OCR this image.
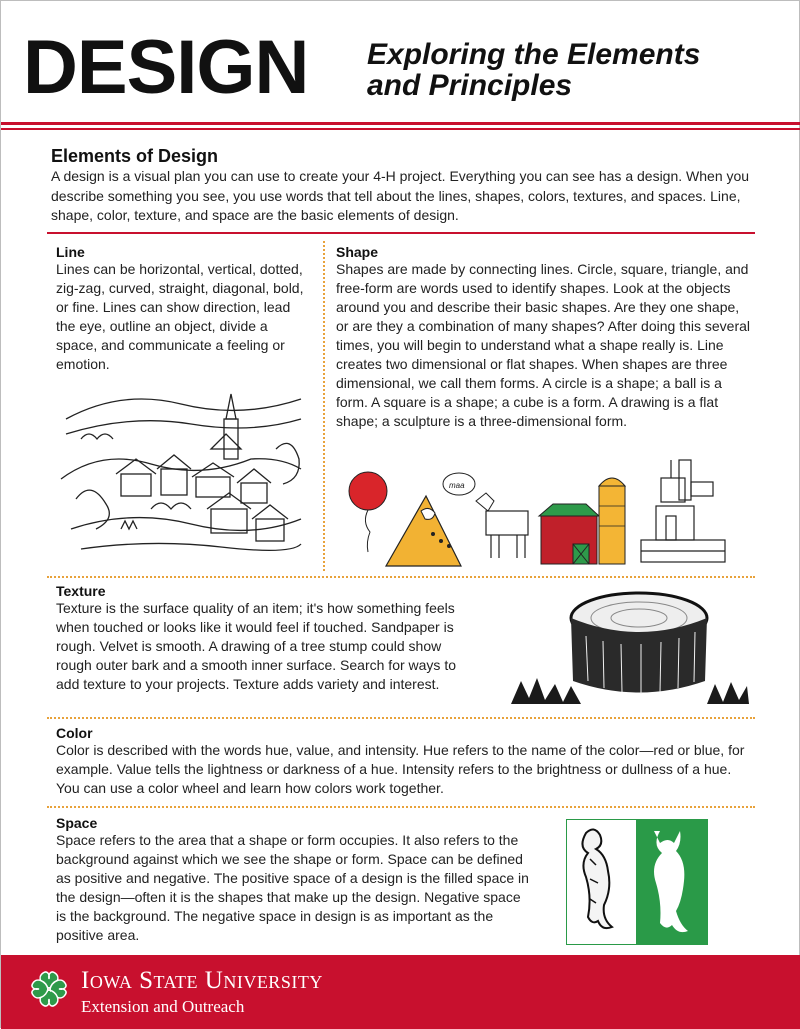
DESIGN Exploring the Elements
and Principles
Elements of Design
A design is a visual plan you can use to create your 4-H project. Everything you can see has a design. When you describe something you see, you use words that tell about the lines, shapes, colors, textures, and spaces. Line, shape, color, texture, and space are the basic elements of design.
Line
Lines can be horizontal, vertical, dotted, zig-zag, curved, straight, diagonal, bold, or fine. Lines can show direction, lead the eye, outline an object, divide a space, and communicate a feeling or emotion.
Shape
Shapes are made by connecting lines. Circle, square, triangle, and free-form are words used to identify shapes. Look at the objects around you and describe their basic shapes. Are they one shape, or are they a combination of many shapes? After doing this several times, you will begin to understand what a shape really is. Line creates two dimensional or flat shapes. When shapes are three dimensional, we call them forms. A circle is a shape; a ball is a form. A square is a shape; a cube is a form. A drawing is a flat shape; a sculpture is a three-dimensional form.
maa
Texture
Texture is the surface quality of an item; it's how something feels when touched or looks like it would feel if touched. Sandpaper is rough. Velvet is smooth. A drawing of a tree stump could show rough outer bark and a smooth inner surface. Search for ways to add texture to your projects. Texture adds variety and interest.
Color
Color is described with the words hue, value, and intensity. Hue refers to the name of the color—red or blue, for example. Value tells the lightness or darkness of a hue. Intensity refers to the brightness or dullness of a hue. You can use a color wheel and learn how colors work together.
Space
Space refers to the area that a shape or form occupies. It also refers to the background against which we see the shape or form. Space can be defined as positive and negative. The positive space of a design is the filled space in the design—often it is the shapes that make up the design. Negative space is the background. The negative space in design is as important as the positive area.
H Iowa State University
Extension and Outreach
